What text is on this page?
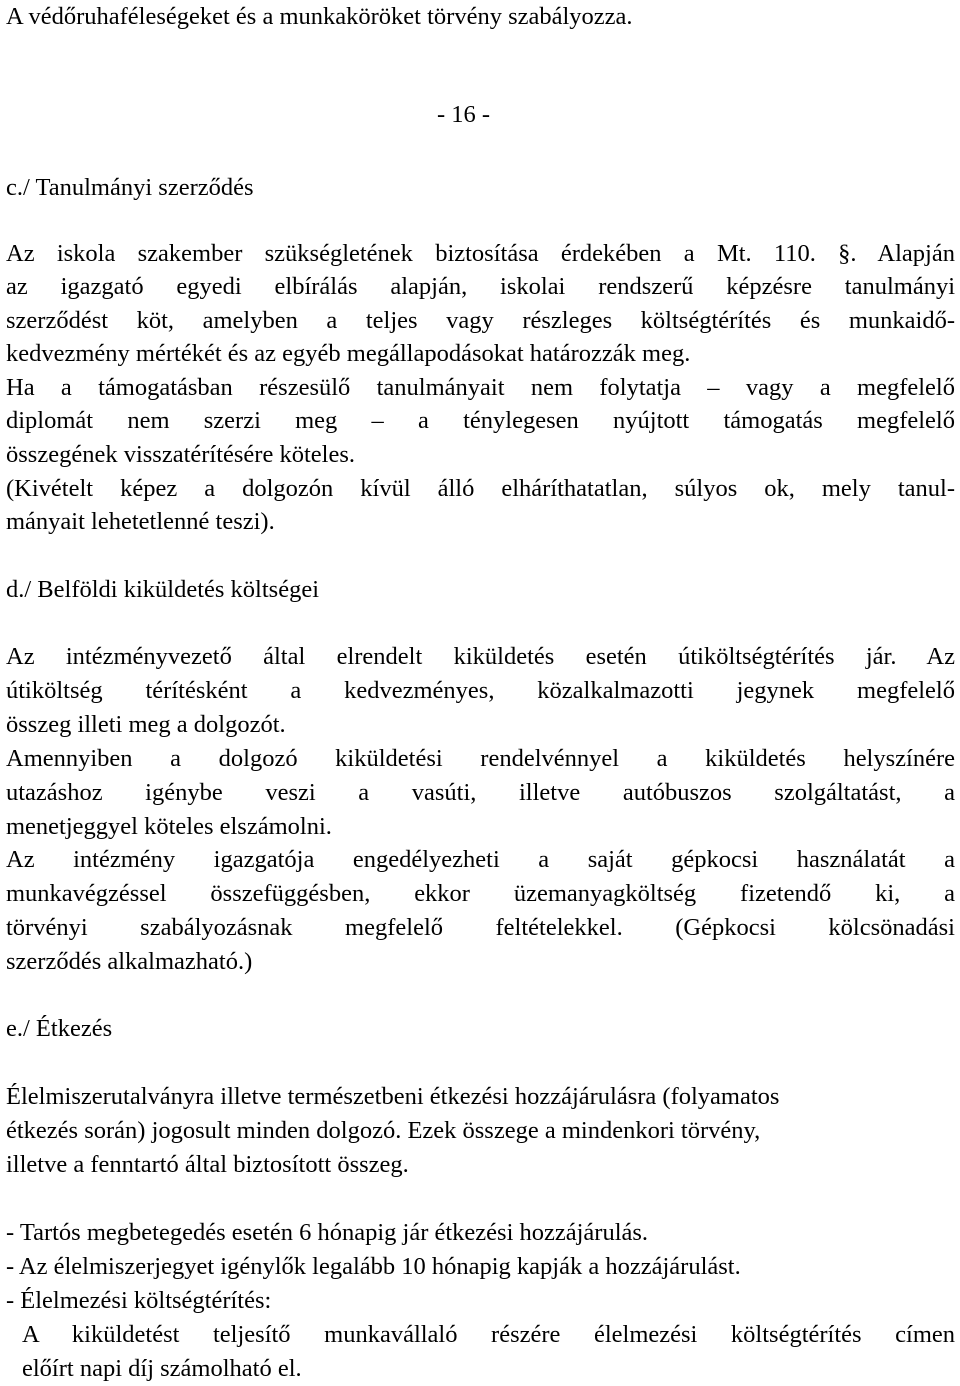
A védőruhaféleségeket és a munkaköröket törvény szabályozza.
- 16 -
c./ Tanulmányi szerződés
Az iskola szakember szükségletének biztosítása érdekében a Mt. 110. §. Alapján
az igazgató egyedi elbírálás alapján, iskolai rendszerű képzésre tanulmányi
szerződést köt, amelyben a teljes vagy részleges költségtérítés és munkaidő-
kedvezmény mértékét és az egyéb megállapodásokat határozzák meg.
Ha a támogatásban részesülő tanulmányait nem folytatja – vagy a megfelelő
diplomát nem szerzi meg – a ténylegesen nyújtott támogatás megfelelő
összegének visszatérítésére köteles.
(Kivételt képez a dolgozón kívül álló elháríthatatlan, súlyos ok, mely tanul-
mányait lehetetlenné teszi).
d./ Belföldi kiküldetés költségei
Az intézményvezető által elrendelt kiküldetés esetén útiköltségtérítés jár. Az
útiköltség térítésként a kedvezményes, közalkalmazotti jegynek megfelelő
összeg illeti meg a dolgozót.
Amennyiben a dolgozó kiküldetési rendelvénnyel a kiküldetés helyszínére
utazáshoz igénybe veszi a vasúti, illetve autóbuszos szolgáltatást, a
menetjeggyel köteles elszámolni.
Az intézmény igazgatója engedélyezheti a saját gépkocsi használatát a
munkavégzéssel összefüggésben, ekkor üzemanyagköltség fizetendő ki, a
törvényi szabályozásnak megfelelő feltételekkel. (Gépkocsi kölcsönadási
szerződés alkalmazható.)
e./ Étkezés
Élelmiszerutalványra illetve természetbeni étkezési hozzájárulásra (folyamatos
étkezés során) jogosult minden dolgozó. Ezek összege a mindenkori törvény,
illetve a fenntartó által biztosított összeg.
- Tartós megbetegedés esetén 6 hónapig jár étkezési hozzájárulás.
- Az élelmiszerjegyet igénylők legalább 10 hónapig kapják a hozzájárulást.
- Élelmezési költségtérítés:
A kiküldetést teljesítő munkavállaló részére élelmezési költségtérítés címen
előírt napi díj számolható el.
